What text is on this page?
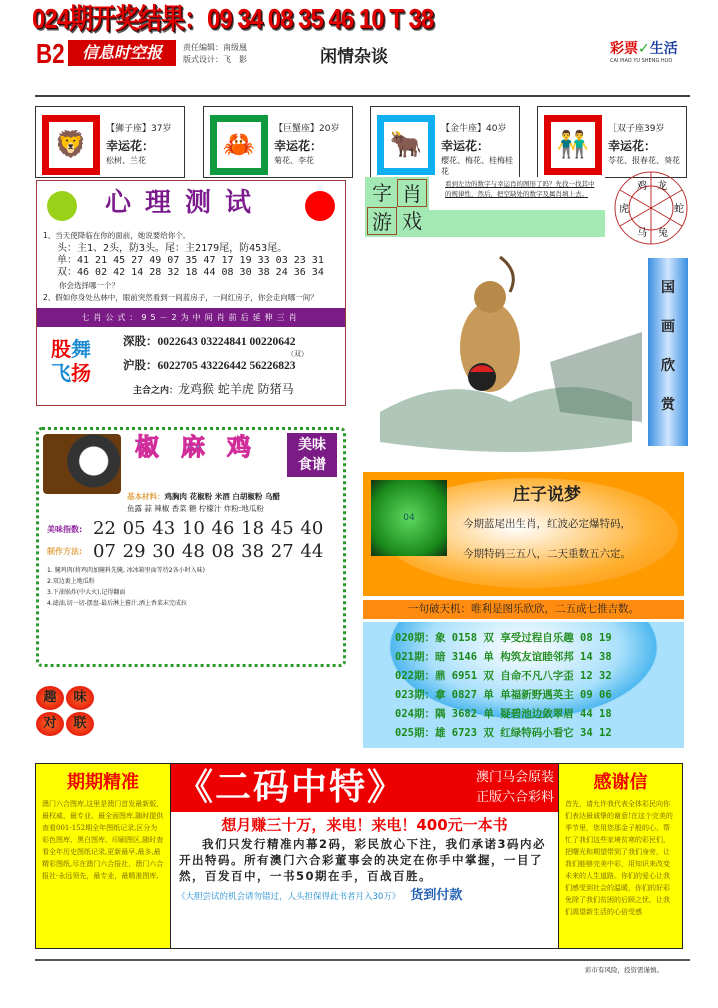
024期开奖结果：09 34 08 35 46 10 T 38
B2	信息时空报	责任编辑：南级凰
版式设计：飞　影	闲情杂谈	彩票✓生活
CAI PIAO YU SHENG HUO
🦁
【狮子座】37岁
幸运花：
松树、兰花
🦀
【巨蟹座】20岁
幸运花：
菊花、李花
🐂
【金牛座】40岁
幸运花：
樱花、梅花、桂梅桂花
👬
［双子座39岁
幸运花：
苓花、报春花、葵花
心理测试
1、当天使降临在你的面前，她说要给你个。
头：主1、2头，防3头。尾：主2179尾，防453尾。
单：41 21 45 27 49 07 35 47 17 19 33 03 23 31
双：46 02 42 14 28 32 18 44 08 30 38 24 36 34
你会选择哪一个？
2、假如你身处丛林中，眼前突然看到一间蓝房子，一间红房子，你会走向哪一间？
七肖公式：95－2为中间肖前后延伸三肖
股舞
飞扬
深股：0022643 03224841 00220642
（双）
沪股：6022705 43226442 56226823
主合之内：龙鸡猴 蛇羊虎 防猪马
字 肖
游 戏
看到左边的数字与幸运肖的图形了吗？先找一找其中的规律性，然后，把空缺处的数字及属肖填上去。
鸡 龙
蛇
兔
马
虎
国
画
欣
赏
椒麻鸡	美味
食谱
基本材料：鸡胸肉 花椒粉 米酒 白胡椒粉 乌醋
鱼露 蒜 辣椒 香菜 糖 柠檬汁 炸粉:地瓜粉
美味指数: 22 05 43 10 46 18 45 40
制作方法: 07 29 30 48 08 38 27 44
1. 腌鸡肉(将鸡肉加腌料先腌, 冰冰箱里面等待2各小时入味)
2.双边裹上地瓜粉
3.下油锅炸(中大火),记得翻面
4.滤油,切一切-摆盘-最后淋上酱汁,洒上香菜末完成拉
04
庄子说梦
今期蓝尾出生肖，红波必定爆特码，
今期特码三五八，二天重数五六定。
一句破天机：唯利是图乐欣欣，二五成七推吉数。
020期：象 0158 双 享受过程自乐趣 08 19
021期：暗 3146 单 构筑友谊睦邻邦 14 38
022期：鼎 6951 双 自命不凡八字歪 12 32
023期：拿 0827 单 单福新野遇英主 09 06
024期：隅 3682 单 疑碧池边敛翠眉 44 18
025期：雄 6723 双 红绿特码小看它 34 12
趣	味
对	联
期期精准

澳门六合图库,这里是澳门首发最新版、最权威、最专业、最全面图库,随时提供查看001-152期全年图纸记录,区分为彩色图库、黑白图库、印刷图区,随时查看全年历史图纸记录,更新最早,最多,最精彩图纸,尽在澳门六合报社，澳门六合报社-永远领先，最专业，最精准图库,

《二码中特》	澳门马会原装
正版六合彩料
想月赚三十万，来电！来电！400元一本书
我们只发行精准内幕2码，彩民放心下注，我们承诺3码内必开出特码。所有澳门六合彩董事会的决定在你手中掌握，一目了然，百发百中，一书50期在手，百战百胜。
《大胆尝试的机会请勿错过，人头担保得此书者月入30万》 货到付款
感谢信

首先，请允许我代表全体彩民向你们表达最诚挚的谢意!在这个完美的季节里，您用您那金子般的心，帮忙了我们这些家境贫寒的彩民们，把曙光和期望带到了我们身旁，让我们能够完美中彩，用知识来改变未来的人生道路。你们的爱心让我们感受到社会的温暖，你们的好彩免除了我们贫困的后顾之忧，让我们渴望新生活的心倍受感

彩市有风险，投资需谨慎。
